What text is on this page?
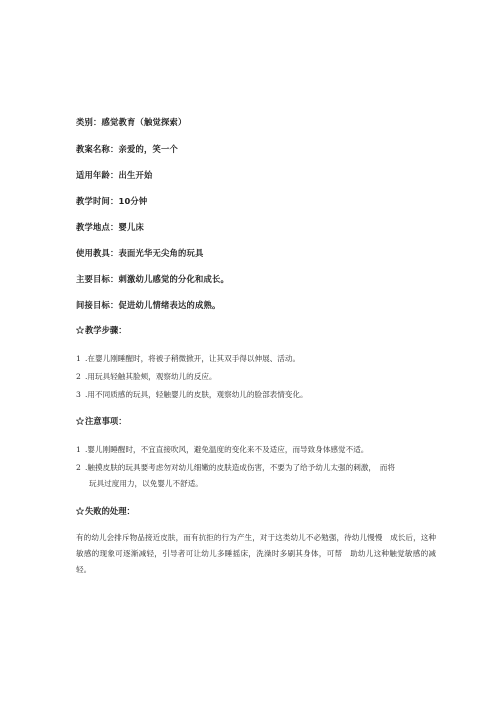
类别：感觉教育（触觉探索）
教案名称：亲爱的，笑一个
适用年龄：出生开始
教学时间：10分钟
教学地点：婴儿床
使用教具：表面光华无尖角的玩具
主要目标：刺激幼儿感觉的分化和成长。
间接目标：促进幼儿情绪表达的成熟。
教学步骤：
1 .在婴儿刚睡醒时，将被子稍微掀开，让其双手得以伸展、活动。
2 .用玩具轻触其脸颊，观察幼儿的反应。
3 .用不同质感的玩具，轻触婴儿的皮肤，观察幼儿的脸部表情变化。
注意事项：
1 .婴儿刚睡醒时，不宜直接吹风，避免温度的变化来不及适应，而导致身体感觉不适。
2 .触摸皮肤的玩具要考虑勿对幼儿细嫩的皮肤造成伤害，不要为了给予幼儿太强的刺激，　而将
玩具过度用力，以免婴儿不舒适。
失败的处理：
有的幼儿会排斥物品接近皮肤，而有抗拒的行为产生，对于这类幼儿不必勉强，待幼儿慢慢　成长后，这种敏感的现象可逐渐减轻，引导者可让幼儿多睡摇床，洗澡时多刷其身体，可帮　助幼儿这种触觉敏感的减轻。
